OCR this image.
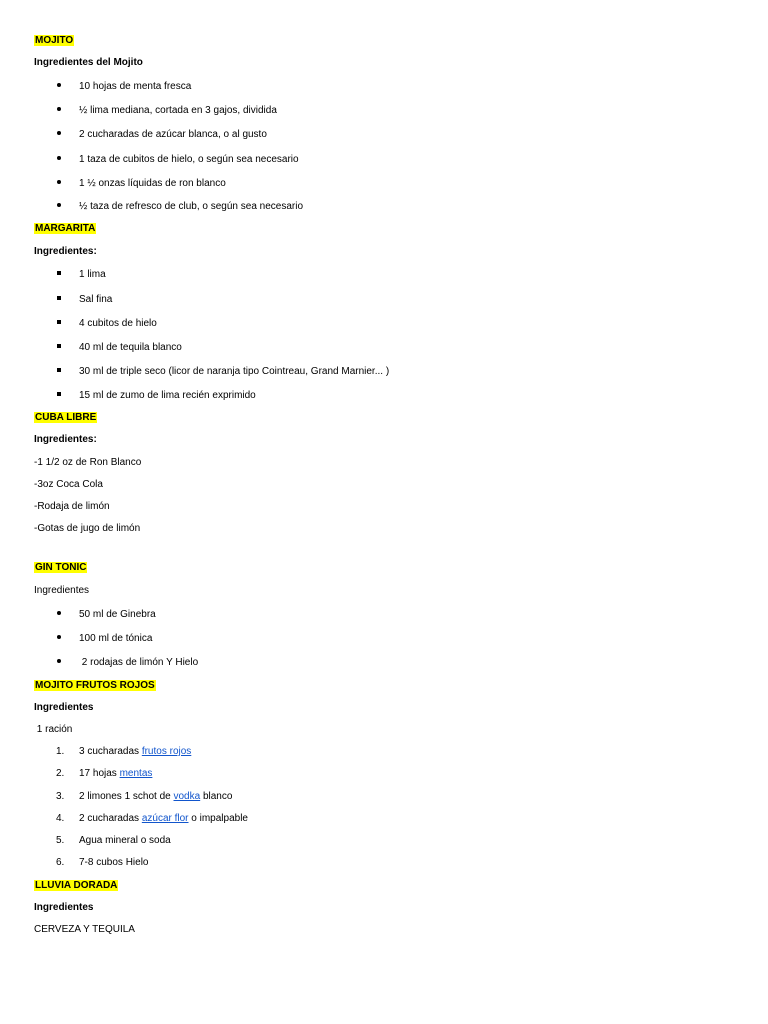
MOJITO
Ingredientes del Mojito
10 hojas de menta fresca
½ lima mediana, cortada en 3 gajos, dividida
2 cucharadas de azúcar blanca, o al gusto
1 taza de cubitos de hielo, o según sea necesario
1 ½ onzas líquidas de ron blanco
½ taza de refresco de club, o según sea necesario
MARGARITA
Ingredientes:
1 lima
Sal fina
4 cubitos de hielo
40 ml de tequila blanco
30 ml de triple seco (licor de naranja tipo Cointreau, Grand Marnier... )
15 ml de zumo de lima recién exprimido
CUBA LIBRE
Ingredientes:
-1 1/2 oz de Ron Blanco
-3oz Coca Cola
-Rodaja de limón
-Gotas de jugo de limón
GIN TONIC
Ingredientes
50 ml de Ginebra
100 ml de tónica
2 rodajas de limón Y Hielo
MOJITO FRUTOS ROJOS
Ingredientes
1 ración
1.	3 cucharadas frutos rojos
2.	17 hojas mentas
3.	2 limones 1 schot de vodka blanco
4.	2 cucharadas azúcar flor o impalpable
5.	Agua mineral o soda
6.	7-8 cubos Hielo
LLUVIA DORADA
Ingredientes
CERVEZA Y TEQUILA
